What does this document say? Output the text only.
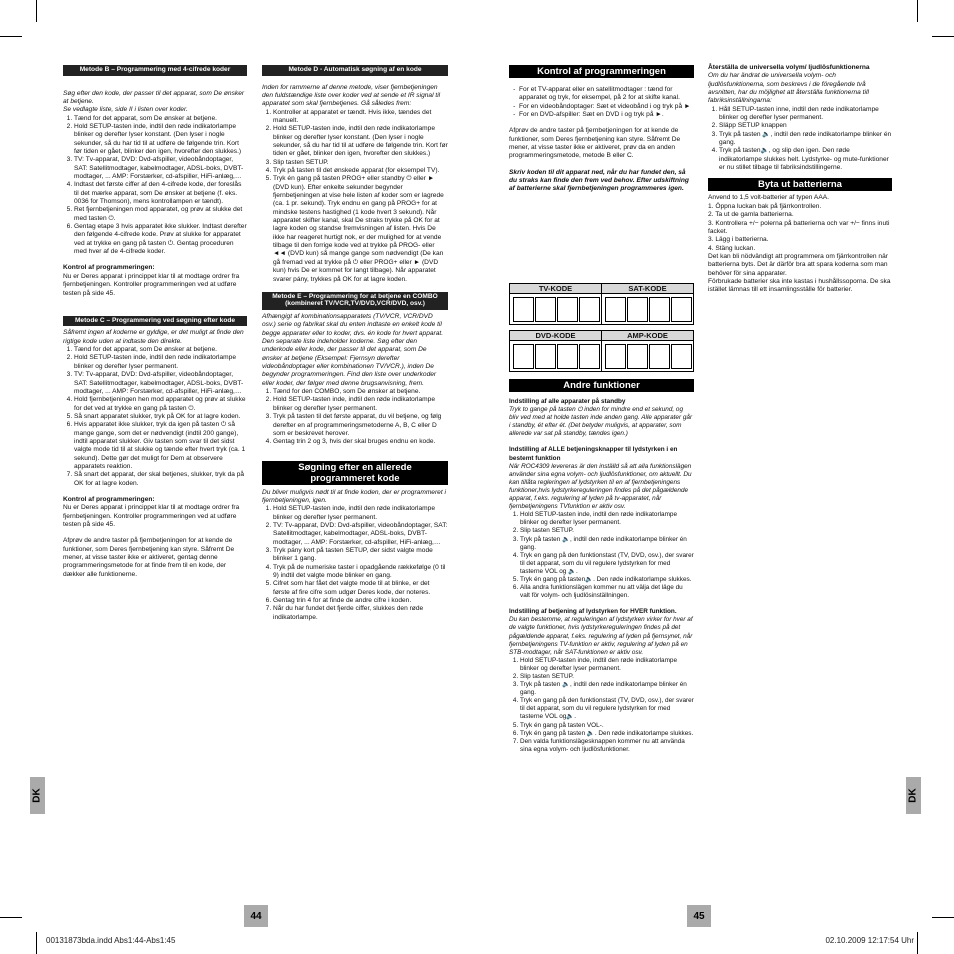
DK	DK
44	45
00131873bda.indd Abs1:44-Abs1:45	02.10.2009 12:17:54 Uhr
Metode B – Programmering med 4-cifrede koder

Søg efter den kode, der passer til det apparat, som De ønsker at betjene.

Se vedlagte liste, side II i listen over koder.

1. Tænd for det apparat, som De ønsker at betjene.
2. Hold SETUP-tasten inde, indtil den røde indikatorlampe blinker og derefter lyser konstant. (Den lyser i nogle sekunder, så du har tid til at udføre de følgende trin. Kort før tiden er gået, blinker den igen, hvorefter den slukkes.)
3. TV: Tv-apparat, DVD: Dvd-afspiller, videobåndoptager, SAT: Satellitmodtager, kabelmodtager, ADSL-boks, DVBT-modtager, ... AMP: Forstærker, cd-afspiller, HiFi-anlæg,…
4. Indtast det første ciffer af den 4-cifrede kode, der foreslås til det mærke apparat, som De ønsker at betjene (f. eks. 0036 for Thomson), mens kontrollampen er tændt).
5. Ret fjernbetjeningen mod apparatet, og prøv at slukke det med tasten ⏻.
6. Gentag etape 3 hvis apparatet ikke slukker. Indtast derefter den følgende 4-cifrede kode. Prøv at slukke for apparatet ved at trykke en gang på tasten ⏻. Gentag proceduren med hver af de 4-cifrede koder.

Kontrol af programmeringen:

Nu er Deres apparat i princippet klar til at modtage ordrer fra fjernbetjeningen. Kontroller programmeringen ved at udføre testen på side 45.

Metode C – Programmering ved søgning efter kode

Såfremt ingen af koderne er gyldige, er det muligt at finde den rigtige kode uden at indtaste den direkte.

1. Tænd for det apparat, som De ønsker at betjene.
2. Hold SETUP-tasten inde, indtil den røde indikatorlampe blinker og derefter lyser permanent.
3. TV: Tv-apparat, DVD: Dvd-afspiller, videobåndoptager, SAT: Satellitmodtager, kabelmodtager, ADSL-boks, DVBT-modtager, ... AMP: Forstærker, cd-afspiller, HiFi-anlæg,…
4. Hold fjernbetjeningen hen mod apparatet og prøv at slukke for det ved at trykke en gang på tasten ⏻.
5. Så snart apparatet slukker, tryk på OK for at lagre koden.
6. Hvis apparatet ikke slukker, tryk da igen på tasten ⏻ så mange gange, som det er nødvendigt (indtil 200 gange), indtil apparatet slukker. Giv tasten som svar til det sidst valgte mode tid til at slukke og tænde efter hvert tryk (ca. 1 sekund). Dette gør det muligt for Dem at observere apparatets reaktion.
7. Så snart det apparat, der skal betjenes, slukker, tryk da på OK for at lagre koden.

Kontrol af programmeringen:

Nu er Deres apparat i princippet klar til at modtage ordrer fra fjernbetjeningen. Kontroller programmeringen ved at udføre testen på side 45.

Afprøv de andre taster på fjernbetjeningen for at kende de funktioner, som Deres fjernbetjening kan styre. Såfremt De mener, at visse taster ikke er aktiveret, gentag denne programmeringsmetode for at finde frem til en kode, der dækker alle funktionerne.

Metode D - Automatisk søgning af en kode

Inden for rammerne af denne metode, viser fjernbetjeningen den fuldstændige liste over koder ved at sende et IR signal til apparatet som skal fjernbetjenes. Gå således frem:

1. Kontroller at apparatet er tændt. Hvis ikke, tændes det manuelt.
2. Hold SETUP-tasten inde, indtil den røde indikatorlampe blinker og derefter lyser konstant. (Den lyser i nogle sekunder, så du har tid til at udføre de følgende trin. Kort før tiden er gået, blinker den igen, hvorefter den slukkes.)
3. Slip tasten SETUP.
4. Tryk på tasten til det ønskede apparat (for eksempel TV).
5. Tryk én gang på tasten PROG+ eller standby ⏻ eller ► (DVD kun). Efter enkelte sekunder begynder fjernbetjeningen at vise hele listen af koder som er lagrede (ca. 1 pr. sekund). Tryk endnu en gang på PROG+ for at mindske testens hastighed (1 kode hvert 3 sekund). Når apparatet skifter kanal, skal De straks trykke på OK for at lagre koden og standse fremvisningen af listen. Hvis De ikke har reageret hurtigt nok, er der mulighed for at vende tilbage til den forrige kode ved at trykke på PROG- eller ◄◄ (DVD kun) så mange gange som nødvendigt (De kan gå fremad ved at trykke på ⏻ eller PROG+ eller ► (DVD kun) hvis De er kommet for langt tilbage). Når apparatet svarer pány, trykkes på OK for at lagre koden.
Metode E – Programmering for at betjene en COMBO (kombineret TV/VCR,TV/DVD,VCR/DVD, osv.)

Afhængigt af kombinationsapparatets (TV/VCR, VCR/DVD osv.) serie og fabrikat skal du enten indtaste en enkelt kode til begge apparater eller to koder, dvs. én kode for hvert apparat. Den separate liste indeholder koderne. Søg efter den underkode eller kode, der passer til det apparat, som De ønsker at betjene (Eksempel: Fjernsyn derefter videobåndoptager eller kombinationen TV/VCR.), inden De begynder programmeringen. Find den liste over underkoder eller koder, der følger med denne brugsanvisning, frem.

1. Tænd for den COMBO, som De ønsker at betjene.
2. Hold SETUP-tasten inde, indtil den røde indikatorlampe blinker og derefter lyser permanent.
3. Tryk på tasten til det første apparat, du vil betjene, og følg derefter en af programmeringsmetoderne A, B, C eller D som er beskrevet herover.
4. Gentag trin 2 og 3, hvis der skal bruges endnu en kode.
Søgning efter en allerede programmeret kode

Du bliver muligvis nødt til at finde koden, der er programmeret i fjernbetjeningen, igen.

1. Hold SETUP-tasten inde, indtil den røde indikatorlampe blinker og derefter lyser permanent.
2. TV: Tv-apparat, DVD: Dvd-afspiller, videobåndoptager, SAT: Satellitmodtager, kabelmodtager, ADSL-boks, DVBT-modtager, ... AMP: Forstærker, cd-afspiller, HiFi-anlæg,…
3. Tryk pány kort på tasten SETUP, der sidst valgte mode blinker 1 gang.
4. Tryk på de numeriske taster i opadgående rækkefølge (0 til 9) indtil det valgte mode blinker en gang.
5. Cifret som har fået det valgte mode til at blinke, er det første af fire cifre som udgør Deres kode, der noteres.
6. Gentag trin 4 for at finde de andre cifre i koden.
7. Når du har fundet det fjerde ciffer, slukkes den røde indikatorlampe.
Kontrol af programmeringen
- For et TV-apparat eller en satellitmodtager : tænd for apparatet og tryk, for eksempel, på 2 for at skifte kanal.
- For en videobåndoptager: Sæt et videobånd i og tryk på ►
- For en DVD-afspiller: Sæt en DVD i og tryk på ►.

Afprøv de andre taster på fjernbetjeningen for at kende de funktioner, som Deres fjernbetjening kan styre. Såfremt De mener, at visse taster ikke er aktiveret, prøv da en anden programmeringsmetode, metode B eller C.

Skriv koden til dit apparat ned, når du har fundet den, så du straks kan finde den frem ved behov. Efter udskiftning af batterierne skal fjernbetjeningen programmeres igen.

TV-KODE	SAT-KODE
DVD-KODE	AMP-KODE
Andre funktioner

Indstilling af alle apparater på standby

Tryk to gange på tasten ⏻ inden for mindre end et sekund, og bliv ved med at holde tasten inde anden gang. Alle apparater går i standby, ét efter ét. (Det betyder muligvis, at apparater, som allerede var sat på standby, tændes igen.)

Indstilling af ALLE betjeningsknapper til lydstyrken i en bestemt funktion

När ROC4309 levereras är den inställd så att alla funktionslägen använder sina egna volym- och ljudlösfunktioner, om aktuellt. Du kan tillåta regleringen af lydstyrken til en af fjernbetjeningens funktioner,hvis lydstyrkereguleringen findes på det pågældende apparat, f.eks. regulering af lyden på tv-apparatet, når fjernbetjeningens TVfunktion er aktiv osv.

1. Hold SETUP-tasten inde, indtil den røde indikatorlampe blinker og derefter lyser permanent.
2. Slip tasten SETUP.
3. Tryk på tasten 🔈, indtil den røde indikatorlampe blinker én gang.
4. Tryk en gang på den funktionstast (TV, DVD, osv.), der svarer til det apparat, som du vil regulere lydstyrken for med tasterne VOL og 🔈.
5. Tryk én gang på tasten🔈. Den røde indikatorlampe slukkes.
6. Alla andra funktionslägen kommer nu att välja det läge du valt för volym- och ljudlösinställningen.

Indstilling af betjening af lydstyrken for HVER funktion.

Du kan bestemme, at reguleringen af lydstyrken virker for hver af de valgte funktioner, hvis lydstyrkereguleringen findes på det pågældende apparat, f.eks. regulering af lyden på fjernsynet, når fjernbetjeningens TV-funktion er aktiv, regulering af lyden på en STB-modtager, når SAT-funktionen er aktiv osv.

1. Hold SETUP-tasten inde, indtil den røde indikatorlampe blinker og derefter lyser permanent.
2. Slip tasten SETUP.
3. Tryk på tasten 🔈, indtil den røde indikatorlampe blinker én gang.
4. Tryk en gang på den funktionstast (TV, DVD, osv.), der svarer til det apparat, som du vil regulere lydstyrken for med tasterne VOL og🔈.
5. Tryk én gang på tasten VOL-.
6. Tryk én gang på tasten 🔈. Den røde indikatorlampe slukkes.
7. Den valda funktionslägesknappen kommer nu att använda sina egna volym- och ljudlösfunktioner.

Återställa de universella volym/ ljudlösfunktionerna

Om du har ändrat de universella volym- och ljudlösfunktionerna, som beskrevs i de föregående två avsnitten, har du möjlighet att återställa funktionerna till fabriksinställningarna:

1. Håll SETUP-tasten inne, indtil den røde indikatorlampe blinker og derefter lyser permanent.
2. Släpp SETUP knappen
3. Tryk på tasten 🔈, indtil den røde indikatorlampe blinker én gang.
4. Tryk på tasten🔈, og slip den igen. Den røde indikatorlampe slukkes helt. Lydstyrke- og mute-funktioner er nu stillet tilbage til fabriksindstillingerne.
Byta ut batterierna

Anvend to 1,5 volt-batterier af typen AAA.

1. Öppna luckan bak på fjärrkontrollen.

2. Ta ut de gamla batterierna.

3. Kontrollera +/− polerna på batterierna och var +/− finns inuti facket.

3. Lägg i batterierna.

4. Stäng luckan.

Det kan bli nödvändigt att programmera om fjärrkontrollen när batterierna byts. Det är därför bra att spara koderna som man behöver för sina apparater.

Förbrukade batterier ska inte kastas i hushållssoporna. De ska istället lämnas till ett insamlingsställe för batterier.
